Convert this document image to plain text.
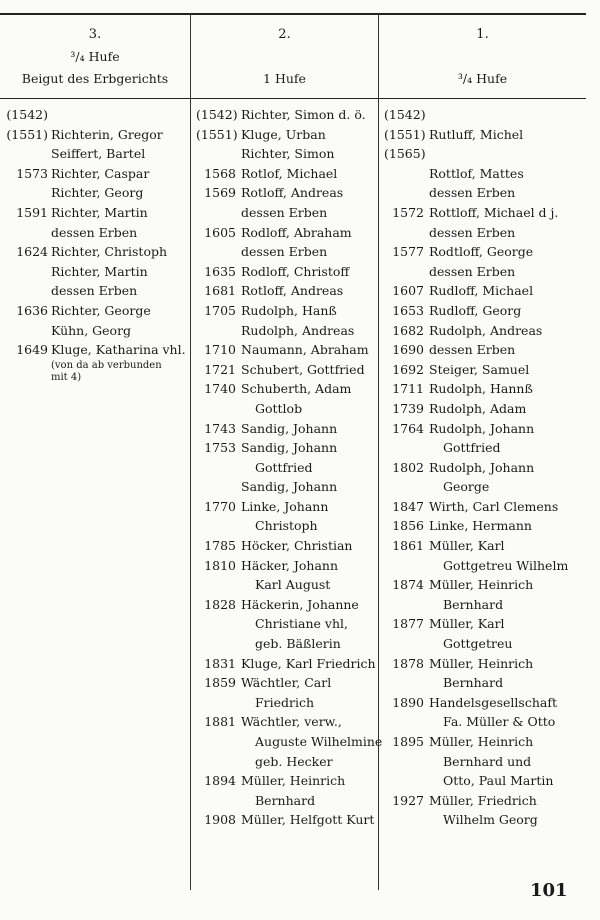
3.
³/₄ Hufe
Beigut des Erbgerichts
2.

1 Hufe
1.

³/₄ Hufe
(1542)

(1551) Richterin, Gregor
Seiffert, Bartel
1573 Richter, Caspar
Richter, Georg
1591 Richter, Martin
dessen Erben
1624 Richter, Christoph
Richter, Martin
dessen Erben
1636 Richter, George
Kühn, Georg
1649 Kluge, Katharina vhl.
(von da ab verbunden
mit 4)
(1542) Richter, Simon d. ö.
(1551) Kluge, Urban
Richter, Simon
1568 Rotlof, Michael
1569 Rotloff, Andreas
dessen Erben
1605 Rodloff, Abraham
dessen Erben
1635 Rodloff, Christoff
1681 Rotloff, Andreas
1705 Rudolph, Hanß
Rudolph, Andreas
1710 Naumann, Abraham
1721 Schubert, Gottfried
1740 Schuberth, Adam
Gottlob
1743 Sandig, Johann
1753 Sandig, Johann
Gottfried
Sandig, Johann
1770 Linke, Johann
Christoph
1785 Höcker, Christian
1810 Häcker, Johann
Karl August
1828 Häckerin, Johanne
Christiane vhl,
geb. Bäßlerin
1831 Kluge, Karl Friedrich
1859 Wächtler, Carl
Friedrich
1881 Wächtler, verw.,
Auguste Wilhelmine
geb. Hecker
1894 Müller, Heinrich
Bernhard
1908 Müller, Helfgott Kurt
(1542)

(1551) Rutluff, Michel
(1565)

Rottlof, Mattes
dessen Erben
1572 Rottloff, Michael d j.
dessen Erben
1577 Rodtloff, George
dessen Erben
1607 Rudloff, Michael
1653 Rudloff, Georg
1682 Rudolph, Andreas
1690 dessen Erben
1692 Steiger, Samuel
1711 Rudolph, Hannß
1739 Rudolph, Adam
1764 Rudolph, Johann
Gottfried
1802 Rudolph, Johann
George
1847 Wirth, Carl Clemens
1856 Linke, Hermann
1861 Müller, Karl
Gottgetreu Wilhelm
1874 Müller, Heinrich
Bernhard
1877 Müller, Karl
Gottgetreu
1878 Müller, Heinrich
Bernhard
1890 Handelsgesellschaft
Fa. Müller & Otto
1895 Müller, Heinrich
Bernhard und
Otto, Paul Martin
1927 Müller, Friedrich
Wilhelm Georg
101
